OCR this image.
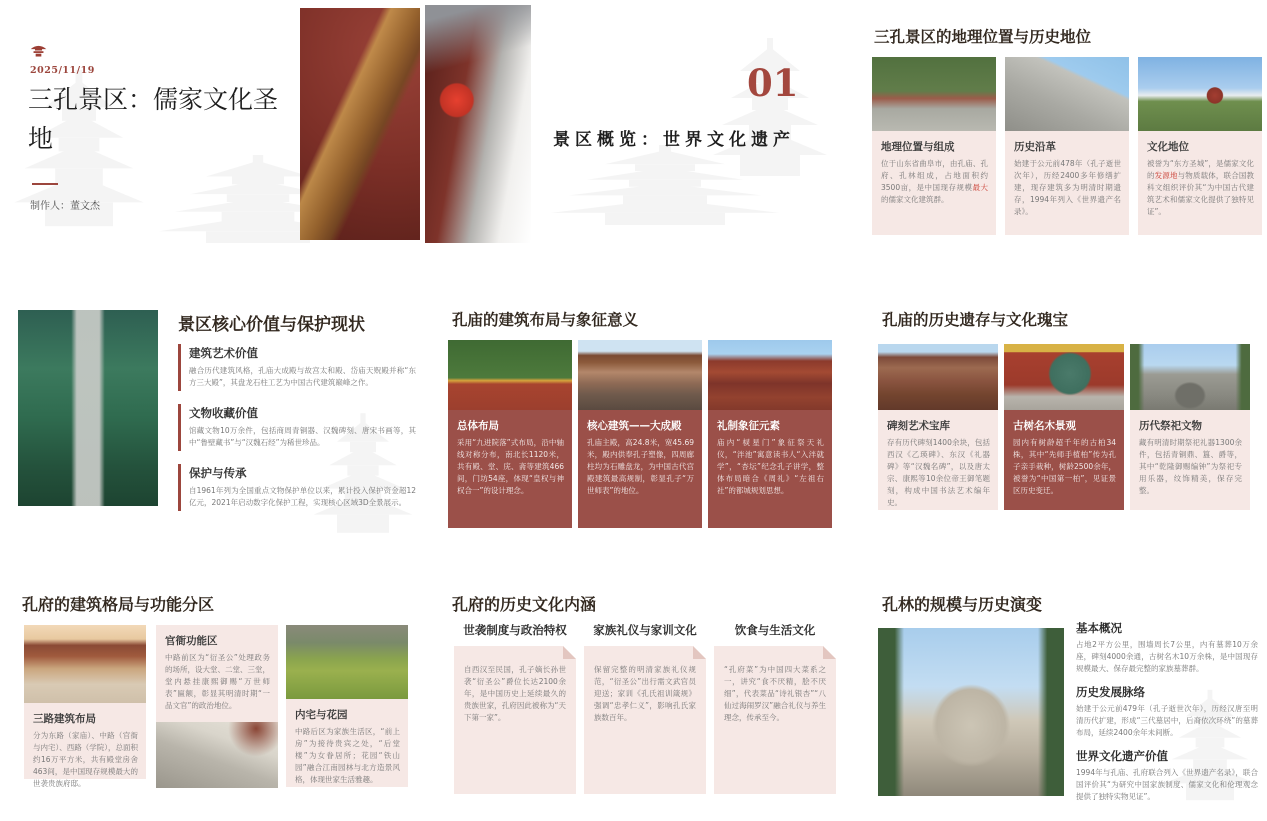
2025/11/19
三孔景区：儒家文化圣地
制作人：董文杰
01
景区概览：世界文化遗产
三孔景区的地理位置与历史地位
地理位置与组成
位于山东省曲阜市，由孔庙、孔府、孔林组成，占地面积约3500亩，是中国现存规模最大的儒家文化建筑群。
历史沿革
始建于公元前478年（孔子逝世次年），历经2400多年修缮扩建，现存建筑多为明清时期遗存，1994年列入《世界遗产名录》。
文化地位
被誉为“东方圣城”，是儒家文化的发源地与物质载体，联合国教科文组织评价其“为中国古代建筑艺术和儒家文化提供了独特见证”。
景区核心价值与保护现状
建筑艺术价值
融合历代建筑风格，孔庙大成殿与故宫太和殿、岱庙天贶殿并称“东方三大殿”，其盘龙石柱工艺为中国古代建筑巅峰之作。
文物收藏价值
馆藏文物10万余件，包括商周青铜器、汉魏碑刻、唐宋书画等，其中“鲁壁藏书”与“汉魏石经”为稀世珍品。
保护与传承
自1961年列为全国重点文物保护单位以来，累计投入保护资金超12亿元，2021年启动数字化保护工程，实现核心区域3D全景展示。
孔庙的建筑布局与象征意义
总体布局
采用“九进院落”式布局，沿中轴线对称分布，南北长1120米，共有殿、堂、庑、斋等建筑466间，门坊54座，体现“皇权与神权合一”的设计理念。
核心建筑——大成殿
孔庙主殿，高24.8米，宽45.69米，殿内供奉孔子塑像，四周廊柱均为石雕盘龙，为中国古代宫殿建筑最高规制，彰显孔子“万世师表”的地位。
礼制象征元素
庙内“棂星门”象征祭天礼仪，“泮池”寓意读书人“入泮就学”，“杏坛”纪念孔子讲学，整体布局暗合《周礼》“左祖右社”的都城规划思想。
孔庙的历史遗存与文化瑰宝
碑刻艺术宝库
存有历代碑刻1400余块，包括西汉《乙瑛碑》、东汉《礼器碑》等“汉魏名碑”，以及唐太宗、康熙等10余位帝王御笔题刻，构成中国书法艺术编年史。
古树名木景观
园内有树龄超千年的古柏34株，其中“先师手植柏”传为孔子亲手栽种，树龄2500余年，被誉为“中国第一柏”，见证景区历史变迁。
历代祭祀文物
藏有明清时期祭祀礼器1300余件，包括青铜鼎、簋、爵等，其中“乾隆御赐编钟”为祭祀专用乐器，纹饰精美，保存完整。
孔府的建筑格局与功能分区
三路建筑布局
分为东路（家庙）、中路（官衙与内宅）、西路（学院），总面积约16万平方米，共有殿堂房舍463间，是中国现存规模最大的世袭贵族府邸。
官衙功能区
中路前区为“衍圣公”处理政务的场所，设大堂、二堂、三堂，堂内悬挂康熙御赐“万世师表”匾额，彰显其明清时期“一品文官”的政治地位。
内宅与花园
中路后区为家族生活区，“前上房”为接待贵宾之处，“后堂楼”为女眷居所；花园“铁山园”融合江南园林与北方造景风格，体现世家生活雅趣。
孔府的历史文化内涵
世袭制度与政治特权
自西汉至民国，孔子嫡长孙世袭“衍圣公”爵位长达2100余年，是中国历史上延续最久的贵族世家，孔府因此被称为“天下第一家”。
家族礼仪与家训文化
保留完整的明清家族礼仪规范，“衍圣公”出行需文武官员迎送；家训《孔氏祖训箴规》强调“忠孝仁义”，影响孔氏家族数百年。
饮食与生活文化
“孔府菜”为中国四大菜系之一，讲究“食不厌精，脍不厌细”，代表菜品“诗礼银杏”“八仙过海闹罗汉”融合礼仪与养生理念，传承至今。
孔林的规模与历史演变
基本概况
占地2平方公里，围墙周长7公里，内有墓葬10万余座，碑刻4000余通，古树名木10万余株，是中国现存规模最大、保存最完整的家族墓葬群。
历史发展脉络
始建于公元前479年（孔子逝世次年），历经汉唐至明清历代扩建，形成“三代墓居中，后裔依次环绕”的墓葬布局，延续2400余年未间断。
世界文化遗产价值
1994年与孔庙、孔府联合列入《世界遗产名录》，联合国评价其“为研究中国家族制度、儒家文化和伦理观念提供了独特实物见证”。
